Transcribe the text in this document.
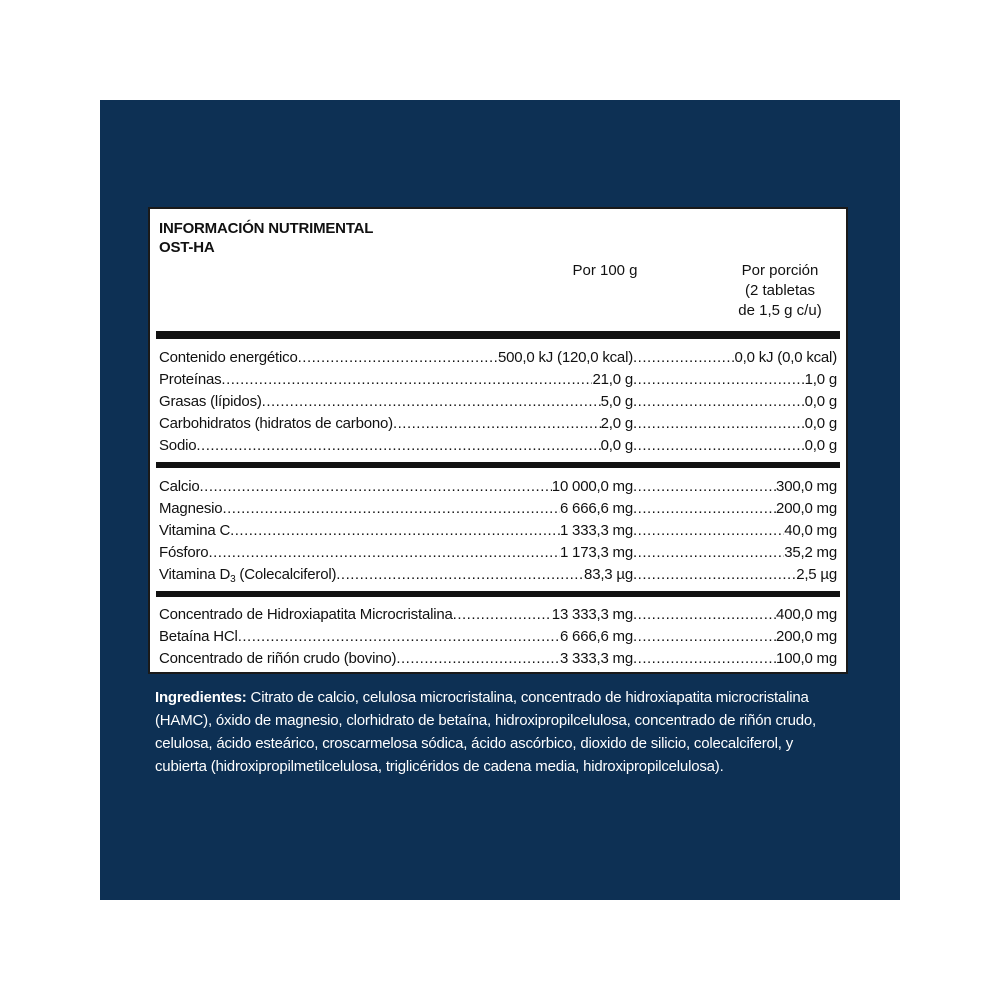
INFORMACIÓN NUTRIMENTAL
OST-HA
Por 100 g	Por porción
(2 tabletas
de 1,5 g c/u)
Contenido energético .....	500,0 kJ (120,0 kcal) .....	0,0 kJ (0,0 kcal)
Proteínas .....	21,0 g .....	1,0 g
Grasas (lípidos) .....	5,0 g .....	0,0 g
Carbohidratos (hidratos de carbono) .....	2,0 g .....	0,0 g
Sodio .....	0,0 g .....	0,0 g
Calcio .....	10 000,0 mg .....	300,0 mg
Magnesio .....	6 666,6 mg .....	200,0 mg
Vitamina C .....	1 333,3 mg .....	40,0 mg
Fósforo .....	1 173,3 mg .....	35,2 mg
Vitamina $D_3$ (Colecalciferol) .....	83,3 µg .....	2,5 µg
Concentrado de Hidroxiapatita Microcristalina .....	13 333,3 mg .....	400,0 mg
Betaína HCl .....	6 666,6 mg .....	200,0 mg
Concentrado de riñón crudo (bovino) .....	3 333,3 mg .....	100,0 mg
Ingredientes: Citrato de calcio, celulosa microcristalina, concentrado de hidroxiapatita microcristalina (HAMC), óxido de magnesio, clorhidrato de betaína, hidroxipropilcelulosa, concentrado de riñón crudo, celulosa, ácido esteárico, croscarmelosa sódica, ácido ascórbico, dioxido de silicio, colecalciferol, y cubierta (hidroxipropilmetilcelulosa, triglicéridos de cadena media, hidroxipropilcelulosa).
